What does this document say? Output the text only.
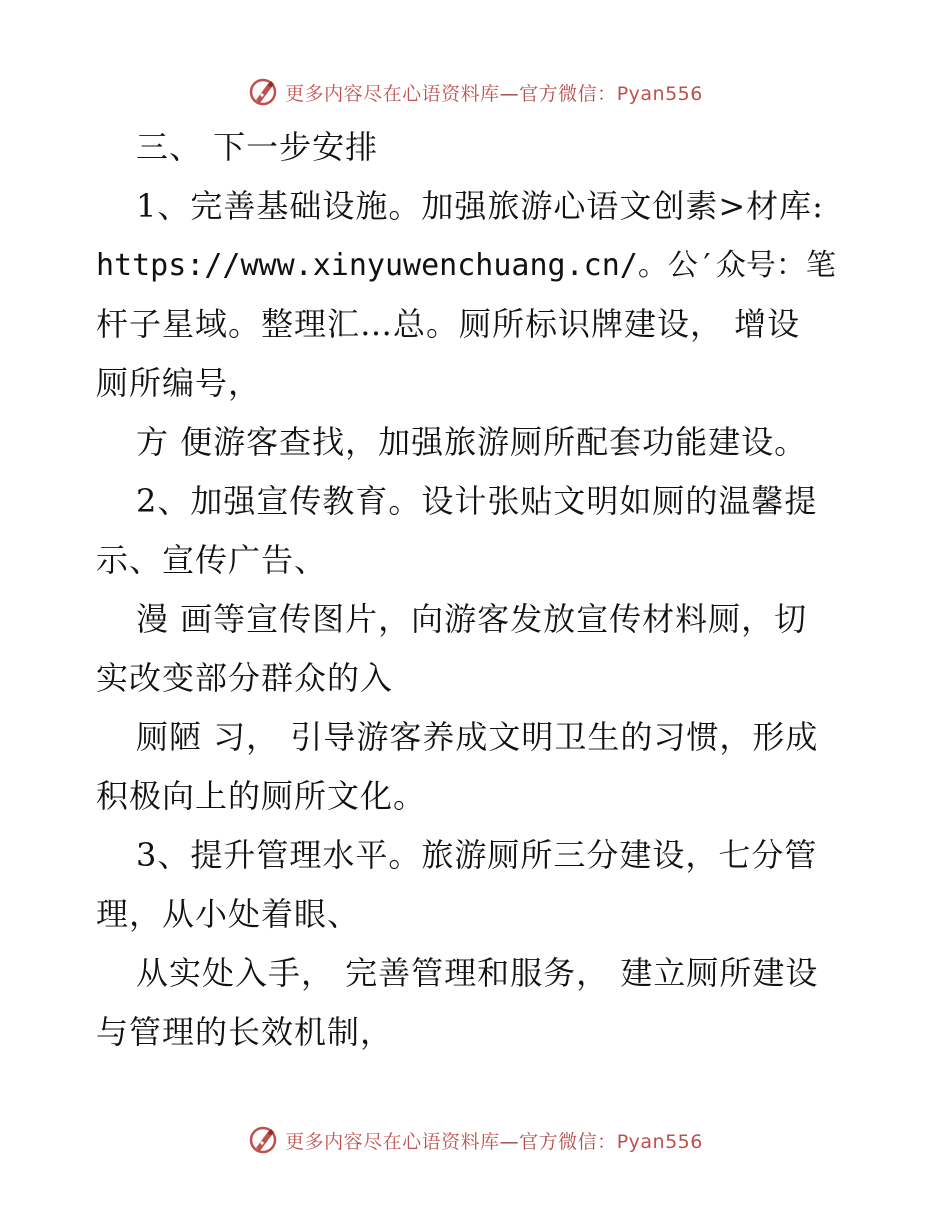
更多内容尽在心语资料库—官方微信：Pyan556
三、 下一步安排
1、完善基础设施。加强旅游心语文创素>材库:
https://www.xinyuwenchuang.cn/。公′众号：笔
杆子星域。整理汇…总。厕所标识牌建设， 增设
厕所编号，
方 便游客查找，加强旅游厕所配套功能建设。
2、加强宣传教育。设计张贴文明如厕的温馨提
示、宣传广告、
漫 画等宣传图片，向游客发放宣传材料厕，切
实改变部分群众的入
厕陋 习， 引导游客养成文明卫生的习惯，形成
积极向上的厕所文化。
3、提升管理水平。旅游厕所三分建设，七分管
理，从小处着眼、
从实处入手， 完善管理和服务， 建立厕所建设
与管理的长效机制，
更多内容尽在心语资料库—官方微信：Pyan556
